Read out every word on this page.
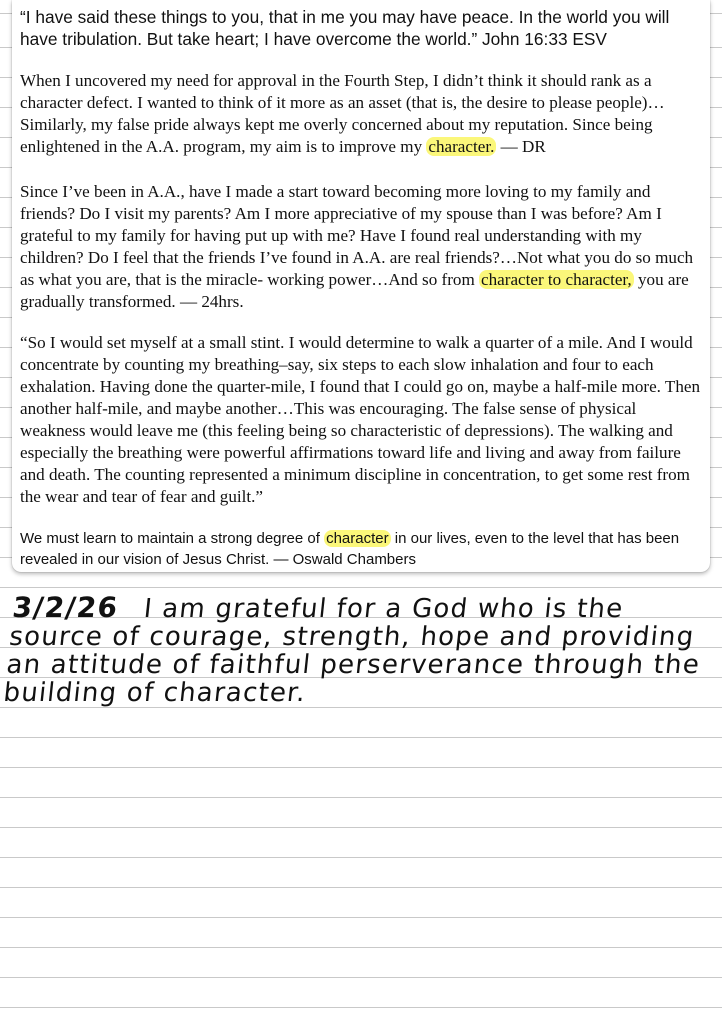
“I have said these things to you, that in me you may have peace. In the world you will have tribulation. But take heart; I have overcome the world.” John 16:33 ESV

When I uncovered my need for approval in the Fourth Step, I didn’t think it should rank as a character defect. I wanted to think of it more as an asset (that is, the desire to please people)…Similarly, my false pride always kept me overly concerned about my reputation. Since being enlightened in the A.A. program, my aim is to improve my character. — DR

Since I’ve been in A.A., have I made a start toward becoming more loving to my family and friends? Do I visit my parents? Am I more appreciative of my spouse than I was before? Am I grateful to my family for having put up with me? Have I found real understanding with my children? Do I feel that the friends I’ve found in A.A. are real friends?…Not what you do so much as what you are, that is the miracle- working power…And so from character to character, you are gradually transformed. — 24hrs.

“So I would set myself at a small stint. I would determine to walk a quarter of a mile. And I would concentrate by counting my breathing–say, six steps to each slow inhalation and four to each exhalation. Having done the quarter-mile, I found that I could go on, maybe a half-mile more. Then another half-mile, and maybe another…This was encouraging. The false sense of physical weakness would leave me (this feeling being so characteristic of depressions). The walking and especially the breathing were powerful affirmations toward life and living and away from failure and death. The counting represented a minimum discipline in concentration, to get some rest from the wear and tear of fear and guilt.”

We must learn to maintain a strong degree of character in our lives, even to the level that has been revealed in our vision of Jesus Christ. — Oswald Chambers

3/2/26 I am grateful for a God who is the source of courage, strength, hope and providing an attitude of faithful perserverance through the building of character.
